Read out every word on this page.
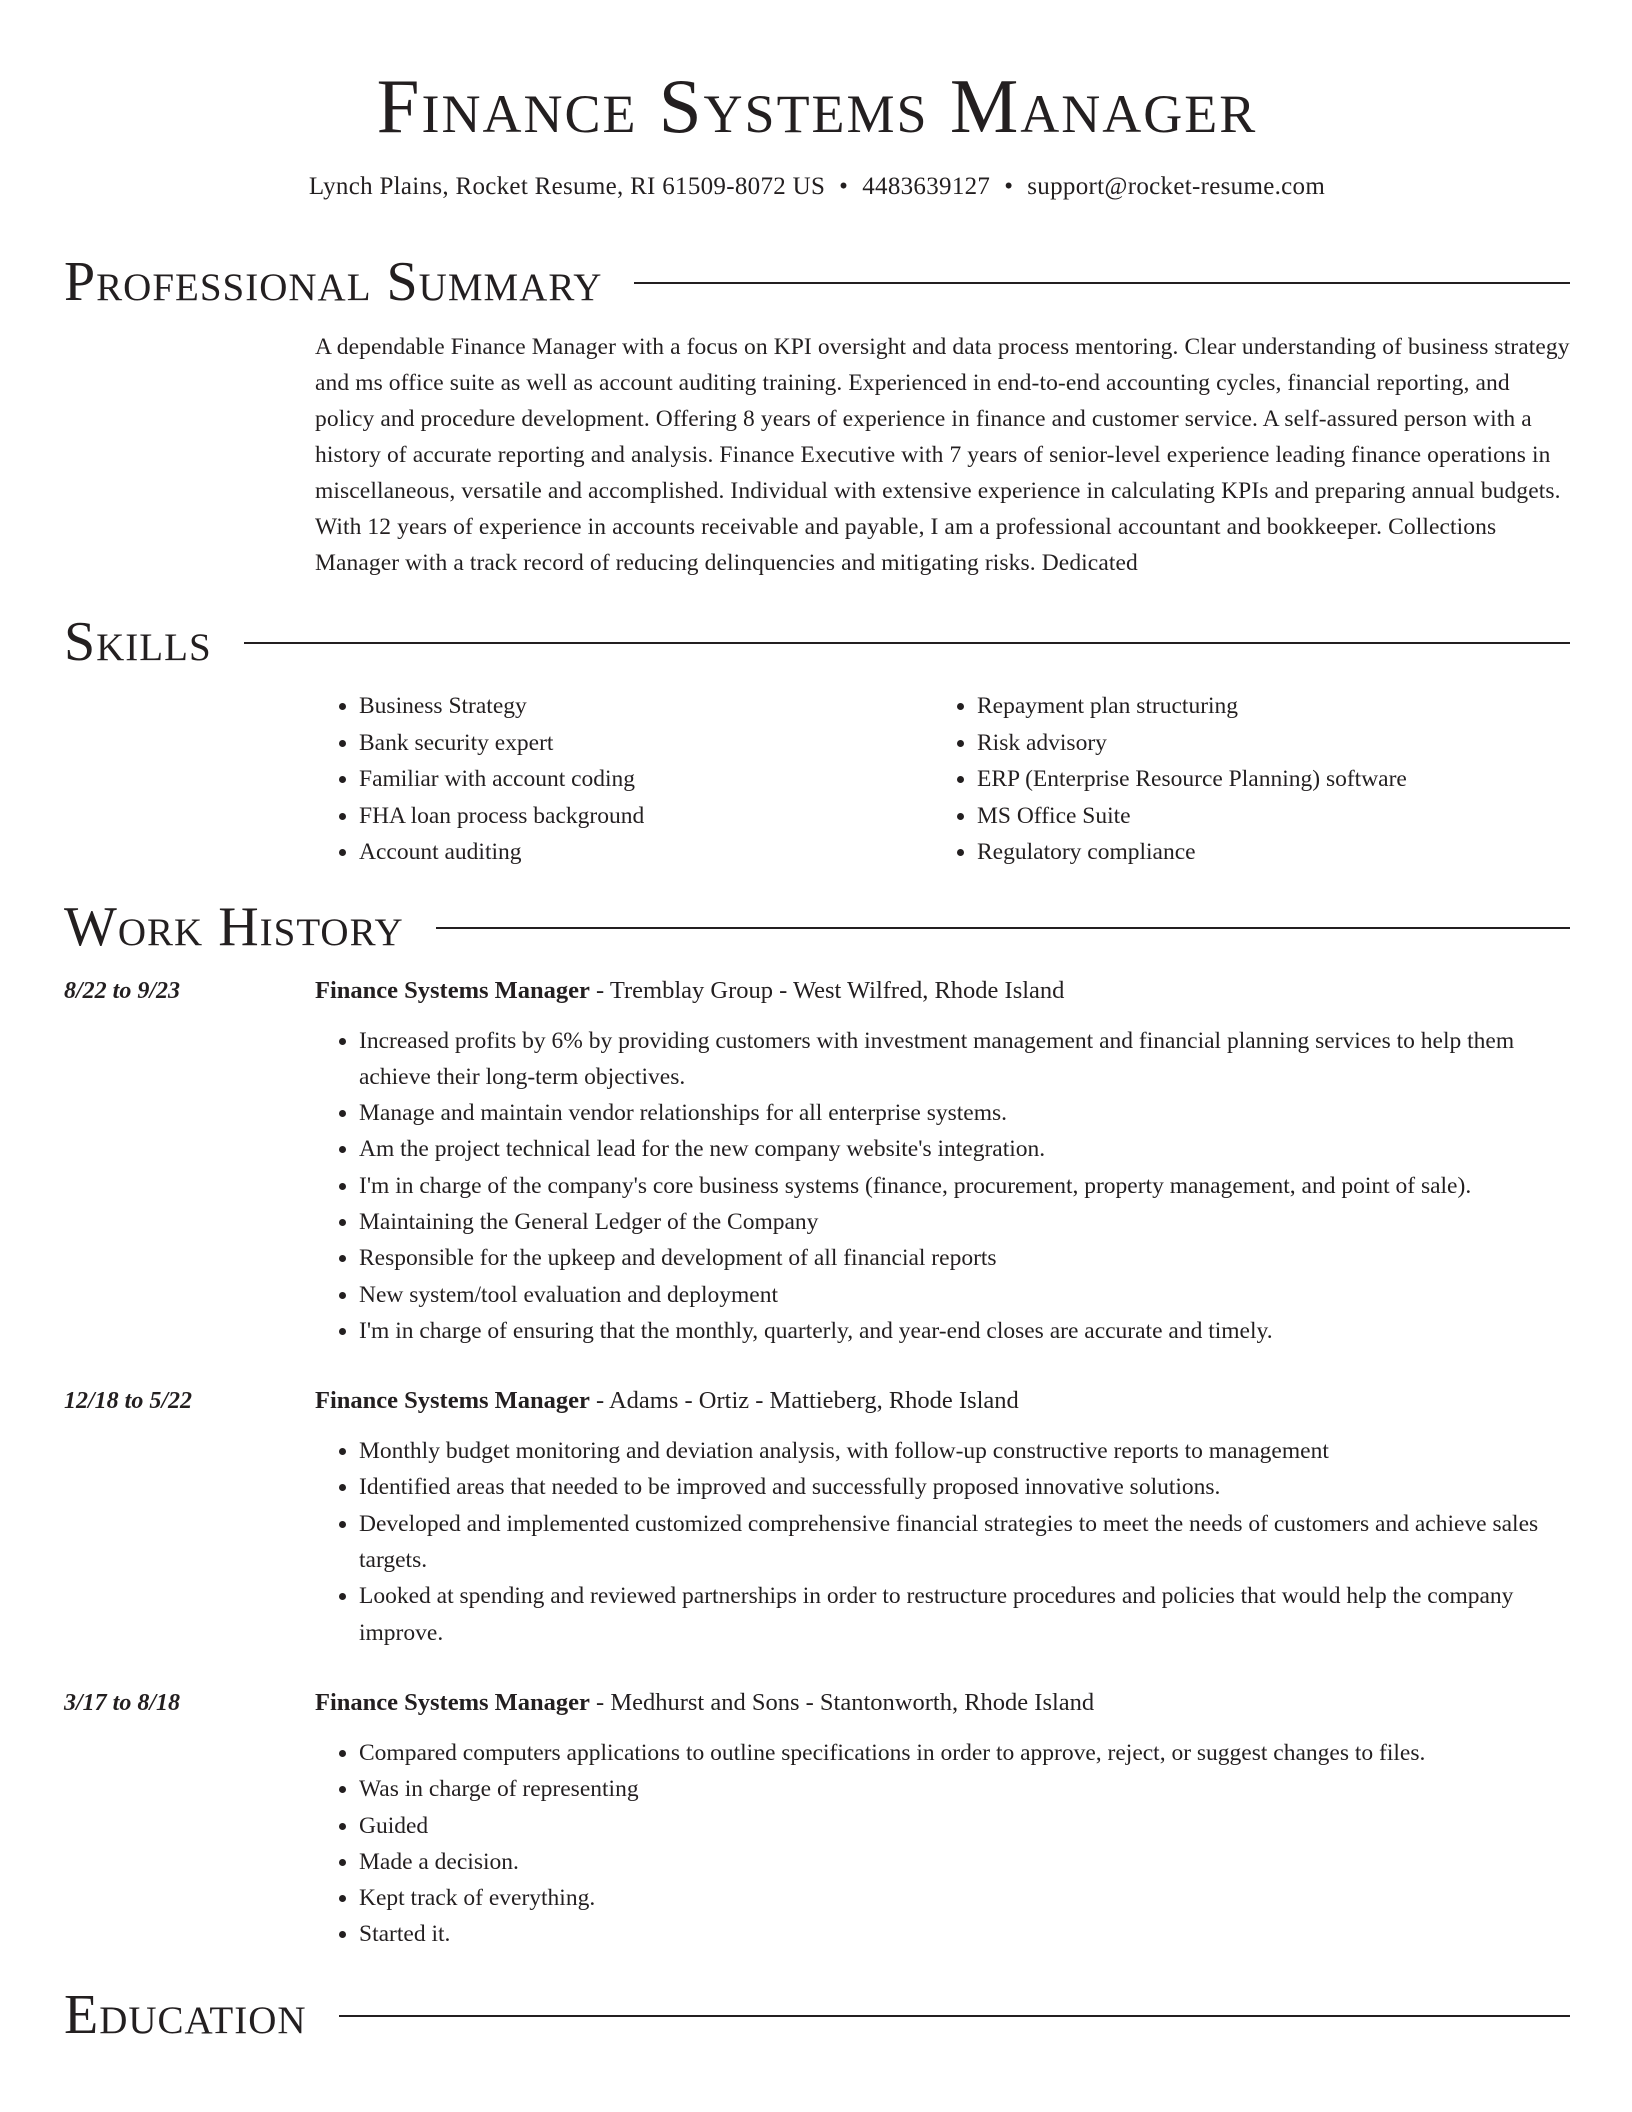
Finance Systems Manager
Lynch Plains, Rocket Resume, RI 61509-8072 US • 4483639127 • support@rocket-resume.com
Professional Summary
A dependable Finance Manager with a focus on KPI oversight and data process mentoring. Clear understanding of business strategy and ms office suite as well as account auditing training. Experienced in end-to-end accounting cycles, financial reporting, and policy and procedure development. Offering 8 years of experience in finance and customer service. A self-assured person with a history of accurate reporting and analysis. Finance Executive with 7 years of senior-level experience leading finance operations in miscellaneous, versatile and accomplished. Individual with extensive experience in calculating KPIs and preparing annual budgets. With 12 years of experience in accounts receivable and payable, I am a professional accountant and bookkeeper. Collections Manager with a track record of reducing delinquencies and mitigating risks. Dedicated
Skills
• Business Strategy
• Bank security expert
• Familiar with account coding
• FHA loan process background
• Account auditing
• Repayment plan structuring
• Risk advisory
• ERP (Enterprise Resource Planning) software
• MS Office Suite
• Regulatory compliance
Work History
8/22 to 9/23	Finance Systems Manager - Tremblay Group - West Wilfred, Rhode Island
• Increased profits by 6% by providing customers with investment management and financial planning services to help them achieve their long-term objectives.
• Manage and maintain vendor relationships for all enterprise systems.
• Am the project technical lead for the new company website's integration.
• I'm in charge of the company's core business systems (finance, procurement, property management, and point of sale).
• Maintaining the General Ledger of the Company
• Responsible for the upkeep and development of all financial reports
• New system/tool evaluation and deployment
• I'm in charge of ensuring that the monthly, quarterly, and year-end closes are accurate and timely.
12/18 to 5/22	Finance Systems Manager - Adams - Ortiz - Mattieberg, Rhode Island
• Monthly budget monitoring and deviation analysis, with follow-up constructive reports to management
• Identified areas that needed to be improved and successfully proposed innovative solutions.
• Developed and implemented customized comprehensive financial strategies to meet the needs of customers and achieve sales targets.
• Looked at spending and reviewed partnerships in order to restructure procedures and policies that would help the company improve.
3/17 to 8/18	Finance Systems Manager - Medhurst and Sons - Stantonworth, Rhode Island
• Compared computers applications to outline specifications in order to approve, reject, or suggest changes to files.
• Was in charge of representing
• Guided
• Made a decision.
• Kept track of everything.
• Started it.
Education
